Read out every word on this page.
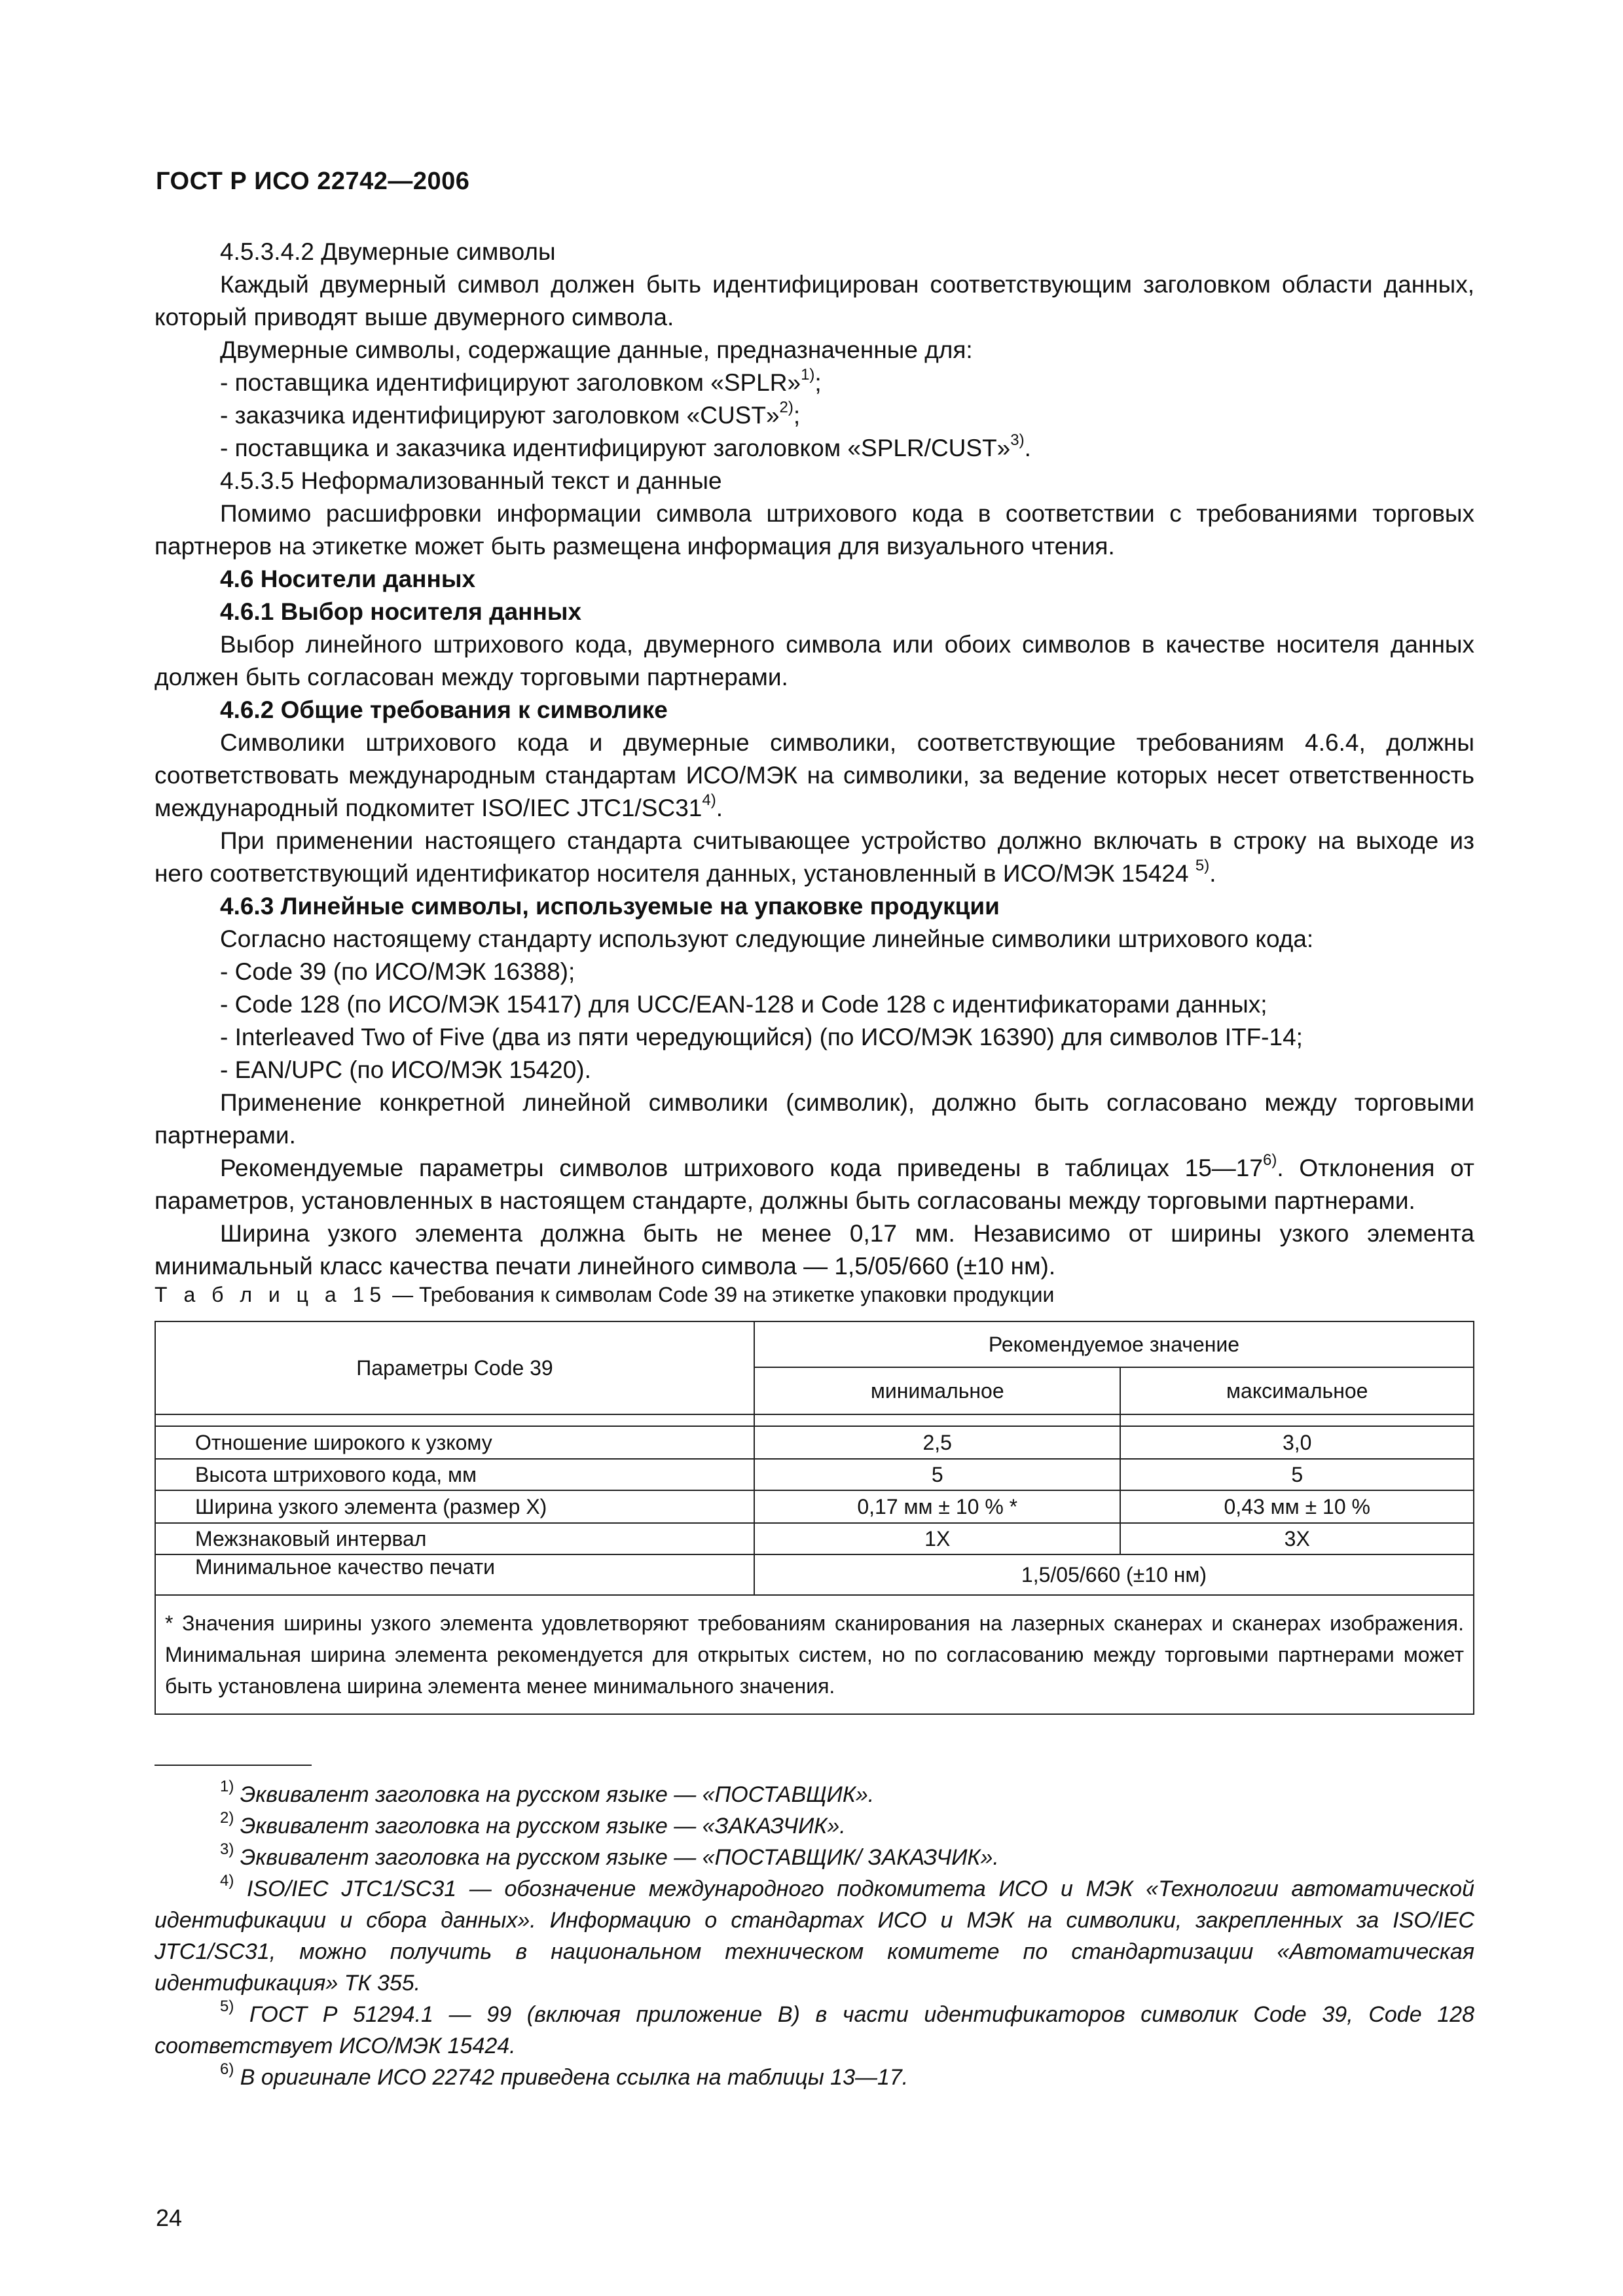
ГОСТ Р ИСО 22742—2006

4.5.3.4.2 Двумерные символы

Каждый двумерный символ должен быть идентифицирован соответствующим заголовком области данных, который приводят выше двумерного символа.

Двумерные символы, содержащие данные, предназначенные для:

- поставщика идентифицируют заголовком «SPLR»$^{1)}$;

- заказчика идентифицируют заголовком «CUST»$^{2)}$;

- поставщика и заказчика идентифицируют заголовком «SPLR/CUST»$^{3)}$.

4.5.3.5 Неформализованный текст и данные

Помимо расшифровки информации символа штрихового кода в соответствии с требованиями торговых партнеров на этикетке может быть размещена информация для визуального чтения.

4.6 Носители данных

4.6.1 Выбор носителя данных

Выбор линейного штрихового кода, двумерного символа или обоих символов в качестве носителя данных должен быть согласован между торговыми партнерами.

4.6.2 Общие требования к символике

Символики штрихового кода и двумерные символики, соответствующие требованиям 4.6.4, должны соответствовать международным стандартам ИСО/МЭК на символики, за ведение которых несет ответственность международный подкомитет ISO/IEC JTC1/SC31$^{4)}$.

При применении настоящего стандарта считывающее устройство должно включать в строку на выходе из него соответствующий идентификатор носителя данных, установленный в ИСО/МЭК 15424 $^{5)}$.

4.6.3 Линейные символы, используемые на упаковке продукции

Согласно настоящему стандарту используют следующие линейные символики штрихового кода:

- Code 39 (по ИСО/МЭК 16388);

- Code 128 (по ИСО/МЭК 15417) для UCC/EAN-128 и Code 128 с идентификаторами данных;

- Interleaved Two of Five (два из пяти чередующийся) (по ИСО/МЭК 16390) для символов ITF-14;

- EAN/UPC (по ИСО/МЭК 15420).

Применение конкретной линейной символики (символик), должно быть согласовано между торговыми партнерами.

Рекомендуемые параметры символов штрихового кода приведены в таблицах 15—17$^{6)}$. Отклонения от параметров, установленных в настоящем стандарте, должны быть согласованы между торговыми партнерами.

Ширина узкого элемента должна быть не менее 0,17 мм. Независимо от ширины узкого элемента минимальный класс качества печати линейного символа — 1,5/05/660 (±10 нм).

Т а б л и ц а 15 — Требования к символам Code 39 на этикетке упаковки продукции
Параметры Code 39	Рекомендуемое значение	
	минимальное	максимальное

Отношение широкого к узкому	2,5	3,0
Высота штрихового кода, мм	5	5
Ширина узкого элемента (размер X)	0,17 мм ± 10 % *	0,43 мм ± 10 %
Межзнаковый интервал	1X	3X
Минимальное качество печати	1,5/05/660 (±10 нм)	
* Значения ширины узкого элемента удовлетворяют требованиям сканирования на лазерных сканерах и сканерах изображения. Минимальная ширина элемента рекомендуется для открытых систем, но по согласованию между торговыми партнерами может быть установлена ширина элемента менее минимального значения.		

$^{1)}$ Эквивалент заголовка на русском языке — «ПОСТАВЩИК».

$^{2)}$ Эквивалент заголовка на русском языке — «ЗАКАЗЧИК».

$^{3)}$ Эквивалент заголовка на русском языке — «ПОСТАВЩИК/ ЗАКАЗЧИК».

$^{4)}$ ISO/IEC JTC1/SC31 — обозначение международного подкомитета ИСО и МЭК «Технологии автоматической идентификации и сбора данных». Информацию о стандартах ИСО и МЭК на символики, закрепленных за ISO/IEC JTC1/SC31, можно получить в национальном техническом комитете по стандартизации «Автоматическая идентификация» ТК 355.

$^{5)}$ ГОСТ Р 51294.1 — 99 (включая приложение В) в части идентификаторов символик Code 39, Code 128 соответствует ИСО/МЭК 15424.

$^{6)}$ В оригинале ИСО 22742 приведена ссылка на таблицы 13—17.

24
